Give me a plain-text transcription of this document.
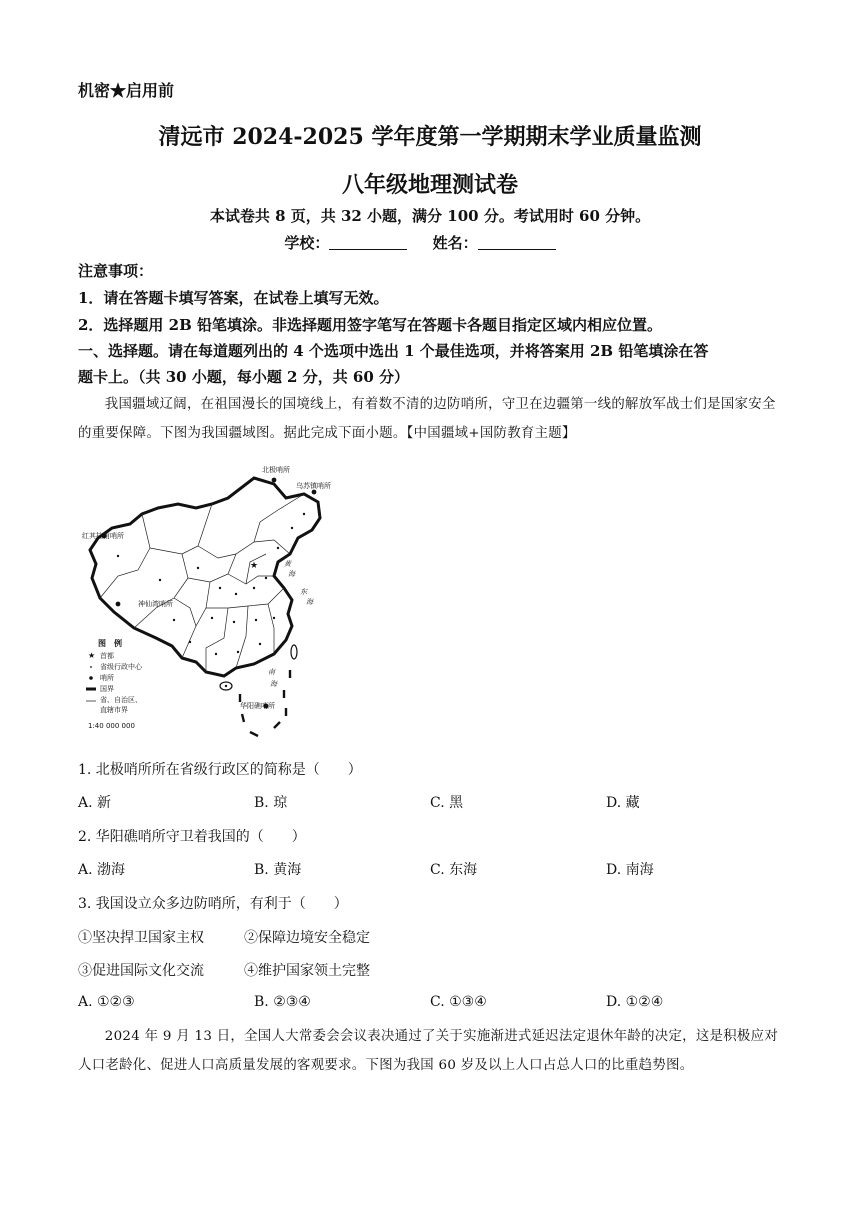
机密★启用前
清远市 2024-2025 学年度第一学期期末学业质量监测
八年级地理测试卷
本试卷共 8 页，共 32 小题，满分 100 分。考试用时 60 分钟。
学校：	姓名：
注意事项：
1．请在答题卡填写答案，在试卷上填写无效。
2．选择题用 2B 铅笔填涂。非选择题用签字笔写在答题卡各题目指定区域内相应位置。
一、选择题。请在每道题列出的 4 个选项中选出 1 个最佳选项，并将答案用 2B 铅笔填涂在答
题卡上。（共 30 小题，每小题 2 分，共 60 分）
我国疆域辽阔，在祖国漫长的国境线上，有着数不清的边防哨所，守卫在边疆第一线的解放军战士们是国家安全的重要保障。下图为我国疆域图。据此完成下面小题。【中国疆域+国防教育主题】
★
北极哨所
乌苏镇哨所
红其拉甫哨所
神仙湾哨所
华阳礁哨所
黄
海
东
海
南
海
图　例
★ 首都
省级行政中心
哨所
国界
省、自治区、
直辖市界
1:40 000 000
1. 北极哨所所在省级行政区的简称是（　　）
A. 新	B. 琼	C. 黑	D. 藏
2. 华阳礁哨所守卫着我国的（　　）
A. 渤海	B. 黄海	C. 东海	D. 南海
3. 我国设立众多边防哨所，有利于（　　）
①坚决捍卫国家主权	②保障边境安全稳定
③促进国际文化交流	④维护国家领土完整
A. ①②③	B. ②③④	C. ①③④	D. ①②④
2024 年 9 月 13 日，全国人大常委会会议表决通过了关于实施渐进式延迟法定退休年龄的决定，这是积极应对人口老龄化、促进人口高质量发展的客观要求。下图为我国 60 岁及以上人口占总人口的比重趋势图。
